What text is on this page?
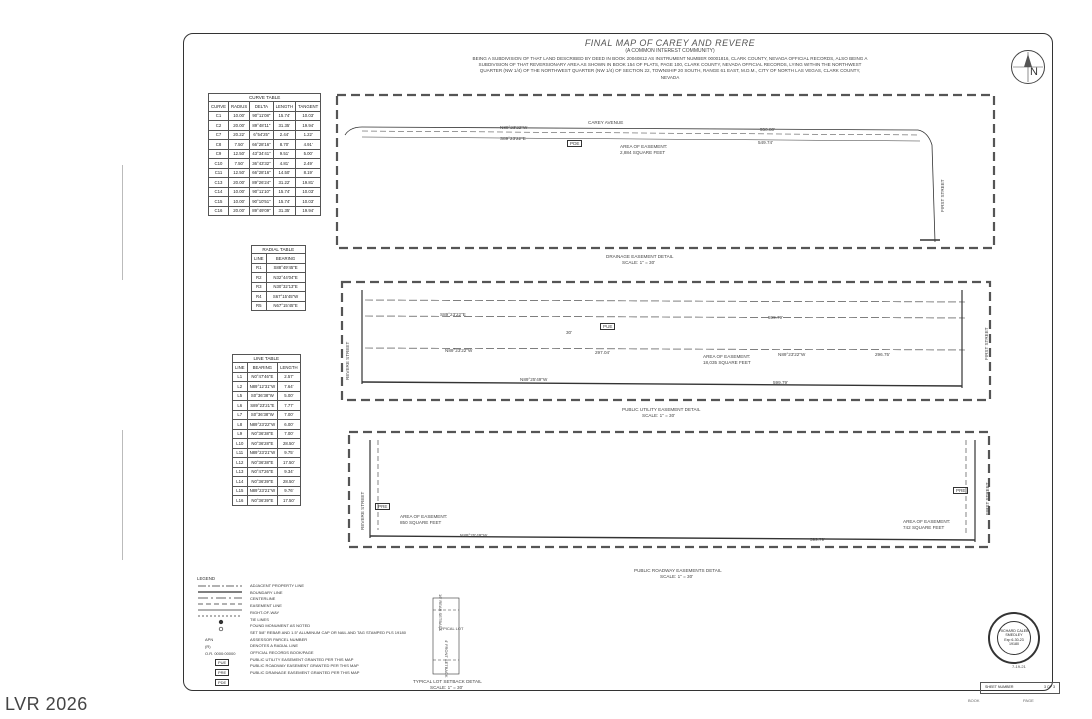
FINAL MAP OF CAREY AND REVERE
(A COMMON INTEREST COMMUNITY)
BEING A SUBDIVISION OF THAT LAND DESCRIBED BY DEED IN BOOK 20040812 AS INSTRUMENT NUMBER 00001816, CLARK COUNTY, NEVADA OFFICIAL RECORDS, ALSO BEING A SUBDIVISION OF THAT REVERSIONARY AREA AS SHOWN IN BOOK 154 OF PLATS, PAGE 100, CLARK COUNTY, NEVADA OFFICIAL RECORDS, LYING WITHIN THE NORTHWEST QUARTER (NW 1/4) OF THE NORTHWEST QUARTER (NW 1/4) OF SECTION 22, TOWNSHIP 20 SOUTH, RANGE 61 EAST, M.D.M., CITY OF NORTH LAS VEGAS, CLARK COUNTY, NEVADA	N
CURVE TABLE
CURVE	RADIUS	DELTA	LENGTH	TANGENT
C1	10.00'	90°11'08"	15.74'	10.03'
C2	20.00'	89°48'11"	31.35'	19.94'
C7	20.22'	6°54'25"	2.44'	1.22'
C8	7.50'	66°28'16"	8.70'	4.91'
C9	12.50'	43°34'41"	9.51'	5.00'
C10	7.50'	36°43'32"	4.81'	2.49'
C11	12.50'	66°28'16"	14.50'	8.19'
C13	20.00'	89°26'24"	31.22'	19.81'
C14	10.00'	90°11'10"	15.74'	10.03'
C15	10.00'	90°10'51"	15.74'	10.03'
C16	20.00'	89°49'09"	31.35'	19.94'
RADIAL TABLE
LINE	BEARING
R1	S88°49'45"E
R2	N32°44'04"E
R3	N30°32'13"E
R4	S67°15'45"W
R5	N67°15'45"E
LINE TABLE
LINE	BEARING	LENGTH
L1	N0°47'46"E	2.57'
L2	N89°12'31"W	7.64'
L5	S0°36'38"W	5.00'
L6	S89°23'21"E	7.77'
L7	S0°36'38"W	7.00'
L8	N89°23'22"W	6.00'
L9	N0°36'38"E	7.00'
L10	N0°36'28"E	28.50'
L11	N89°23'21"W	9.75'
L12	N0°36'38"E	17.50'
L13	N0°47'26"E	9.34'
L14	N0°36'39"E	28.50'
L15	N89°23'21"W	9.76'
L16	N0°36'39"E	17.50'
CAREY AVENUE
N89°23'22"W	550.80'
S89°23'22"E
549.74'
PDE
AREA OF EASEMENT:
2,884 SQUARE FEET
FIRST STREET
DRAINAGE EASEMENT DETAIL
SCALE: 1" = 30'
S89°23'22"E
599.79'
PUE
30'
N89°23'22"W	297.04'	N89°23'22"W	296.75'
AREA OF EASEMENT:
18,035 SQUARE FEET
N89°25'49"W
599.79'
REVERE STREET	FIRST STREET
PUBLIC UTILITY EASEMENT DETAIL
SCALE: 1" = 30'
PRE
PRE
AREA OF EASEMENT:
850 SQUARE FEET	AREA OF EASEMENT:
742 SQUARE FEET
N89°25'49"W
599.79'
REVERE STREET	FIRST STREET
PUBLIC ROADWAY EASEMENTS DETAIL
SCALE: 1" = 30'
TYPICAL LOT
16' REAR SETBACK
4' FRONT SETBACK
TYPICAL LOT SETBACK DETAIL
SCALE: 1" = 30'
LEGEND
ADJACENT PROPERTY LINE
BOUNDARY LINE
CENTERLINE
EASEMENT LINE
RIGHT-OF-WAY
TIE LINES
FOUND MONUMENT AS NOTED
SET 5/8" REBAR AND 1.5" ALUMINUM CAP OR NAIL AND TAG STAMPED PLS 19180
ASSESSOR PARCEL NUMBER
DENOTES A RADIAL LINE
OFFICIAL RECORDS BOOK/PAGE
PUBLIC UTILITY EASEMENT GRANTED PER THIS MAP
PUBLIC ROADWAY EASEMENT GRANTED PER THIS MAP
PUBLIC DRAINAGE EASEMENT GRANTED PER THIS MAP
APN
(R)
O.R. 0000:00000
PUE
PRE
PDE
RICHARD CALEB SMEDLEY
Exp 6-30-23
19180
7-19-21
SHEET NUMBER	3 OF 3
BOOK	PAGE
LVR 2026
